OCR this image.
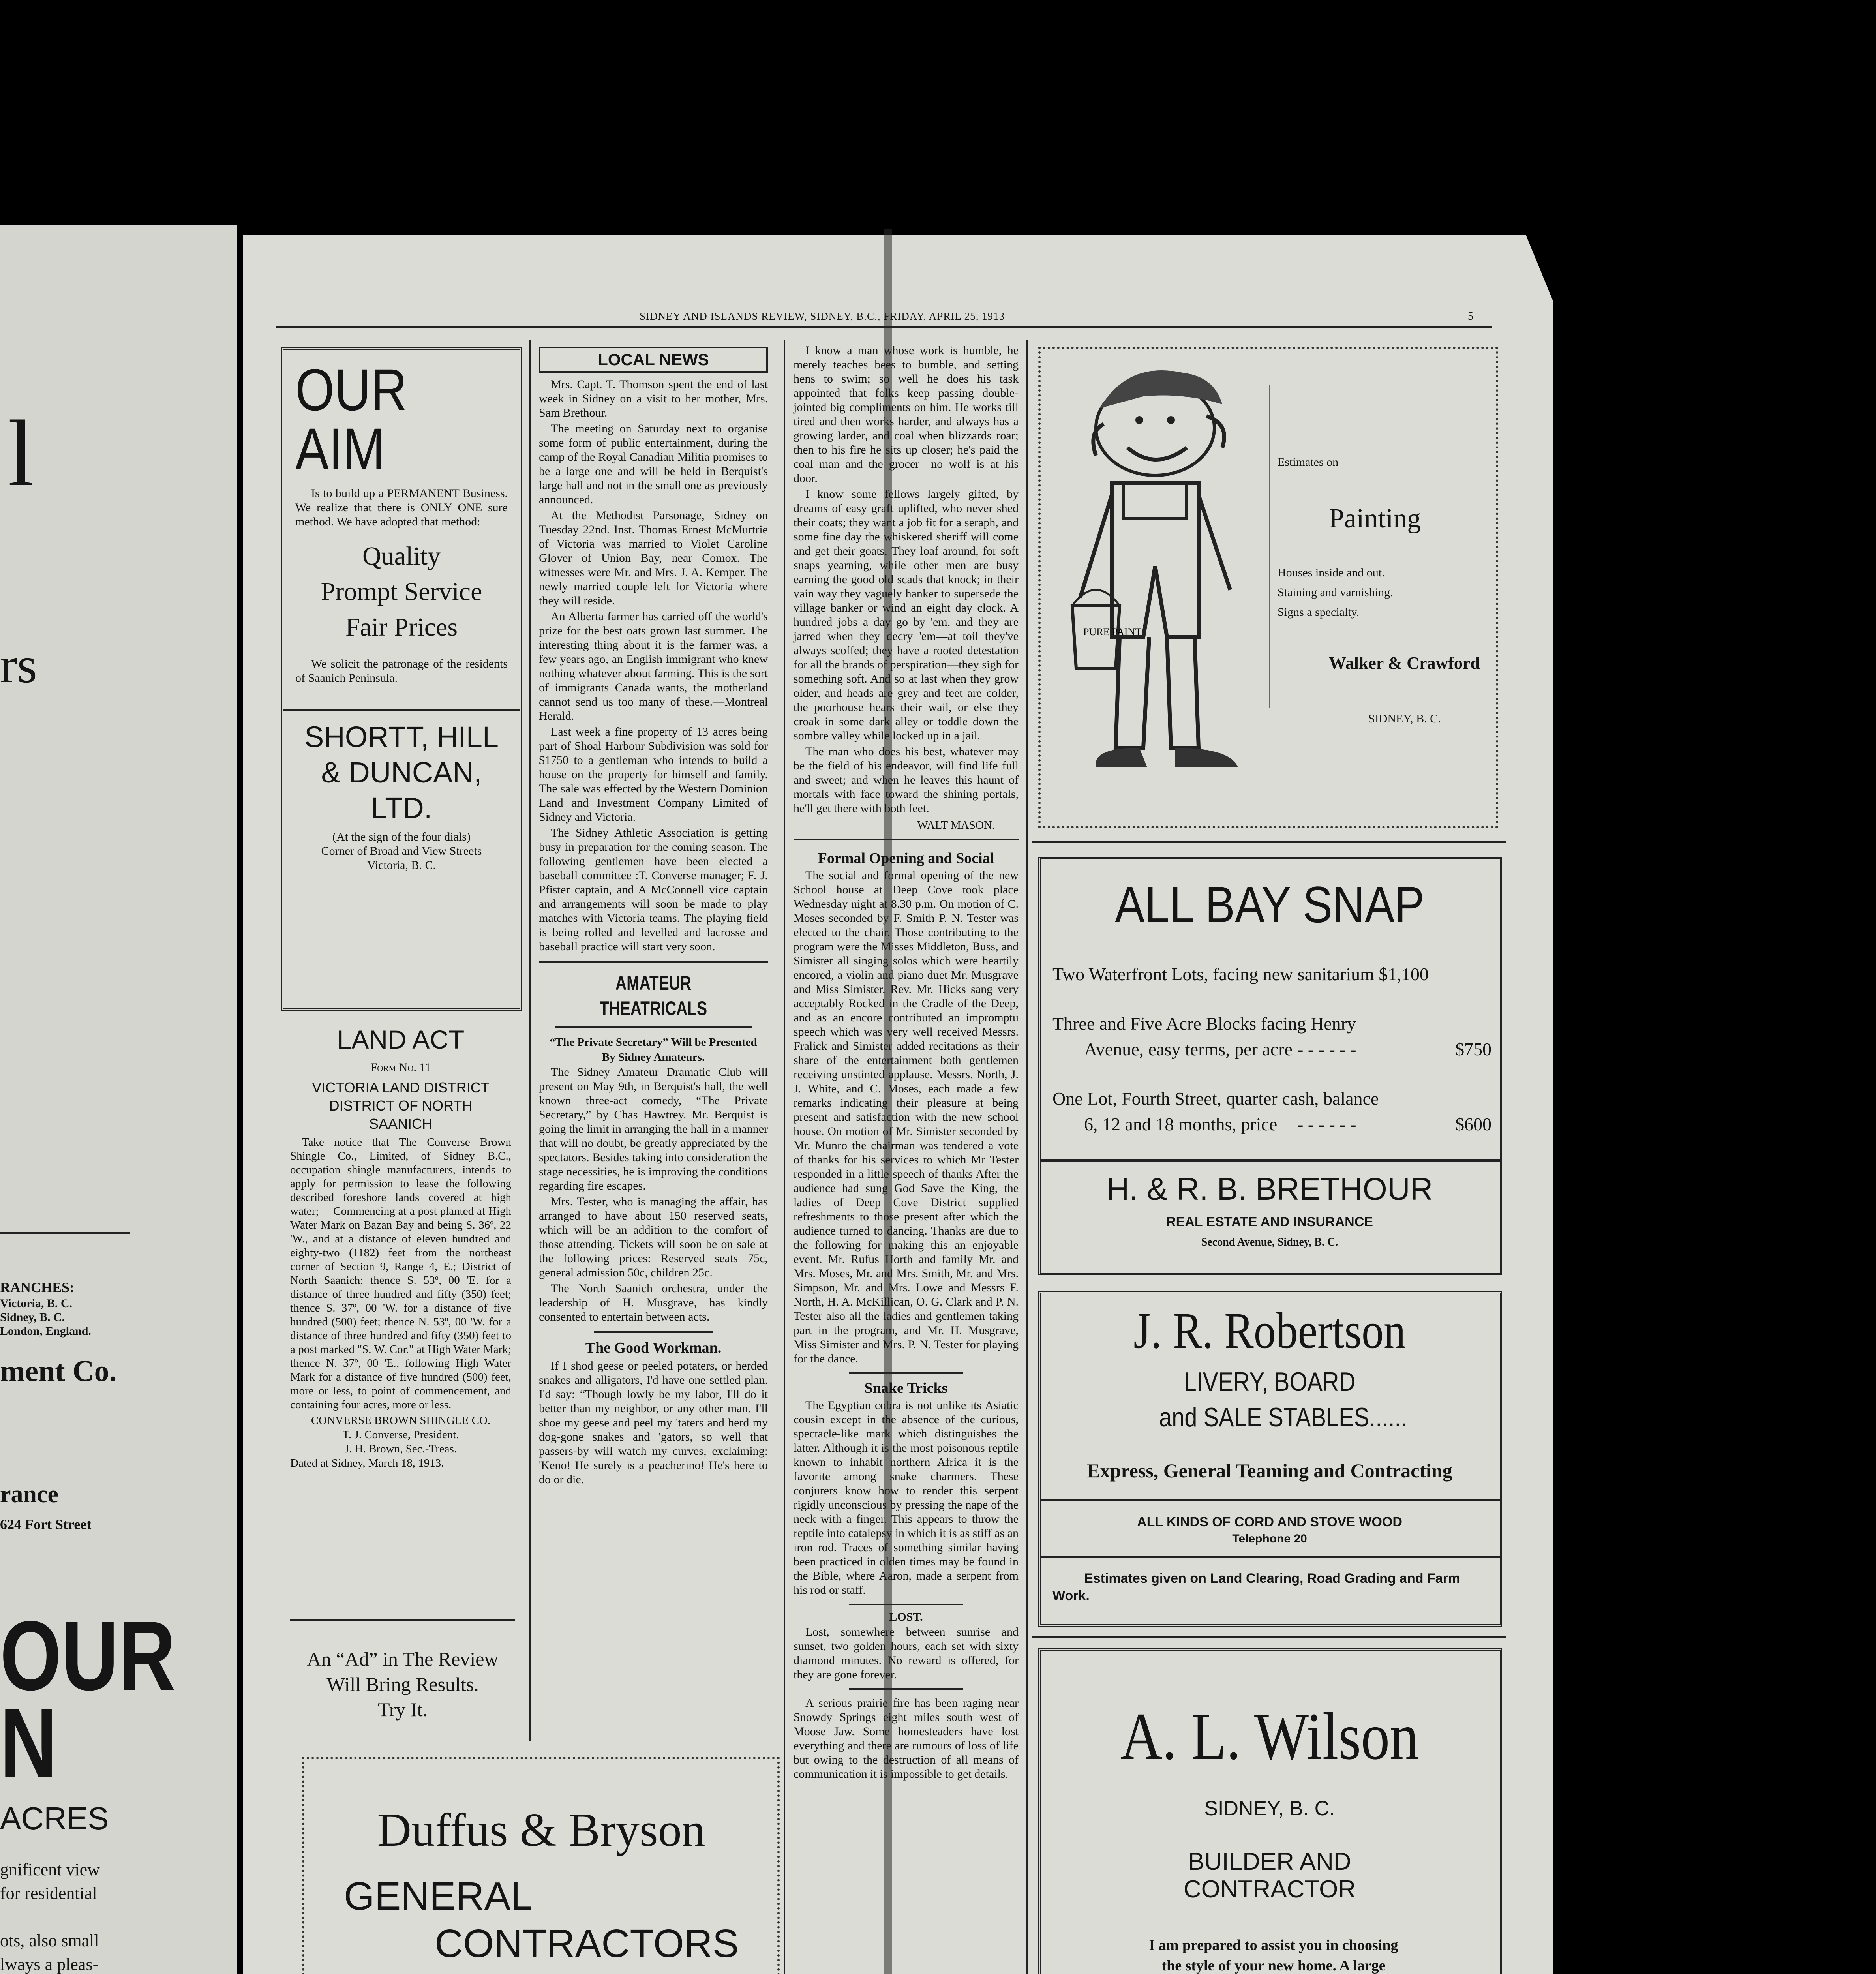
l
rs
RANCHES:
Victoria, B. C.
Sidney, B. C.
London, England.
ment Co.
rance
624 Fort Street
OUR
N
ACRES
gnificent view
for residential
ots, also small
lways a pleas-
SIDNEY AND ISLANDS REVIEW, SIDNEY, B.C., FRIDAY, APRIL 25, 1913	5
OUR
AIM
Is to build up a PERMANENT Business. We realize that there is ONLY ONE sure method. We have adopted that method:
Quality
Prompt Service
Fair Prices
We solicit the patronage of the residents of Saanich Peninsula.
SHORTT, HILL
& DUNCAN,
LTD.
(At the sign of the four dials)
Corner of Broad and View Streets
Victoria, B. C.
LAND ACT
Form No. 11
VICTORIA LAND DISTRICT
DISTRICT OF NORTH
SAANICH
Take notice that The Converse Brown Shingle Co., Limited, of Sidney B.C., occupation shingle manufacturers, intends to apply for permission to lease the following described foreshore lands covered at high water;— Commencing at a post planted at High Water Mark on Bazan Bay and being S. 36º, 22 'W., and at a distance of eleven hundred and eighty-two (1182) feet from the northeast corner of Section 9, Range 4, E.; District of North Saanich; thence S. 53º, 00 'E. for a distance of three hundred and fifty (350) feet; thence S. 37º, 00 'W. for a distance of five hundred (500) feet; thence N. 53º, 00 'W. for a distance of three hundred and fifty (350) feet to a post marked "S. W. Cor." at High Water Mark; thence N. 37º, 00 'E., following High Water Mark for a distance of five hundred (500) feet, more or less, to point of commencement, and containing four acres, more or less.
CONVERSE BROWN SHINGLE CO.
T. J. Converse, President.
J. H. Brown, Sec.-Treas.
Dated at Sidney, March 18, 1913.
An “Ad” in The Review
Will Bring Results.
Try It.
Duffus & Bryson
GENERAL
CONTRACTORS
LOCAL NEWS

Mrs. Capt. T. Thomson spent the end of last week in Sidney on a visit to her mother, Mrs. Sam Brethour.

The meeting on Saturday next to organise some form of public entertainment, during the camp of the Royal Canadian Militia promises to be a large one and will be held in Berquist's large hall and not in the small one as previously announced.

At the Methodist Parsonage, Sidney on Tuesday 22nd. Inst. Thomas Ernest McMurtrie of Victoria was married to Violet Caroline Glover of Union Bay, near Comox. The witnesses were Mr. and Mrs. J. A. Kemper. The newly married couple left for Victoria where they will reside.

An Alberta farmer has carried off the world's prize for the best oats grown last summer. The interesting thing about it is the farmer was, a few years ago, an English immigrant who knew nothing whatever about farming. This is the sort of immigrants Canada wants, the motherland cannot send us too many of these.—Montreal Herald.

Last week a fine property of 13 acres being part of Shoal Harbour Subdivision was sold for $1750 to a gentleman who intends to build a house on the property for himself and family. The sale was effected by the Western Dominion Land and Investment Company Limited of Sidney and Victoria.

The Sidney Athletic Association is getting busy in preparation for the coming season. The following gentlemen have been elected a baseball committee :T. Converse manager; F. J. Pfister captain, and A McConnell vice captain and arrangements will soon be made to play matches with Victoria teams. The playing field is being rolled and levelled and lacrosse and baseball practice will start very soon.

AMATEUR THEATRICALS
“The Private Secretary” Will be Presented
By Sidney Amateurs.

The Sidney Amateur Dramatic Club will present on May 9th, in Berquist's hall, the well known three-act comedy, “The Private Secretary,” by Chas Hawtrey. Mr. Berquist is going the limit in arranging the hall in a manner that will no doubt, be greatly appreciated by the spectators. Besides taking into consideration the stage necessities, he is improving the conditions regarding fire escapes.

Mrs. Tester, who is managing the affair, has arranged to have about 150 reserved seats, which will be an addition to the comfort of those attending. Tickets will soon be on sale at the following prices: Reserved seats 75c, general admission 50c, children 25c.

The North Saanich orchestra, under the leadership of H. Musgrave, has kindly consented to entertain between acts.

The Good Workman.

If I shod geese or peeled potaters, or herded snakes and alligators, I'd have one settled plan. I'd say: “Though lowly be my labor, I'll do it better than my neighbor, or any other man. I'll shoe my geese and peel my 'taters and herd my dog-gone snakes and 'gators, so well that passers-by will watch my curves, exclaiming: 'Keno! He surely is a peacherino! He's here to do or die.

I know a man whose work is humble, he merely teaches bees to bumble, and setting hens to swim; so well he does his task appointed that folks keep passing double-jointed big compliments on him. He works till tired and then works harder, and always has a growing larder, and coal when blizzards roar; then to his fire he sits up closer; he's paid the coal man and the grocer—no wolf is at his door.

I know some fellows largely gifted, by dreams of easy graft uplifted, who never shed their coats; they want a job fit for a seraph, and some fine day the whiskered sheriff will come and get their goats. They loaf around, for soft snaps yearning, while other men are busy earning the good old scads that knock; in their vain way they vaguely hanker to supersede the village banker or wind an eight day clock. A hundred jobs a day go by 'em, and they are jarred when they decry 'em—at toil they've always scoffed; they have a rooted detestation for all the brands of perspiration—they sigh for something soft. And so at last when they grow older, and heads are grey and feet are colder, the poorhouse hears their wail, or else they croak in some dark alley or toddle down the sombre valley while locked up in a jail.

The man who does his best, whatever may be the field of his endeavor, will find life full and sweet; and when he leaves this haunt of mortals with face toward the shining portals, he'll get there with both feet.

WALT MASON.
Formal Opening and Social

The social and formal opening of the new School house at Deep Cove took place Wednesday night at 8.30 p.m. On motion of C. Moses seconded by F. Smith P. N. Tester was elected to the chair. Those contributing to the program were the Misses Middleton, Buss, and Simister all singing solos which were heartily encored, a violin and piano duet Mr. Musgrave and Miss Simister. Rev. Mr. Hicks sang very acceptably Rocked in the Cradle of the Deep, and as an encore contributed an impromptu speech which was very well received Messrs. Fralick and Simister added recitations as their share of the entertainment both gentlemen receiving unstinted applause. Messrs. North, J. J. White, and C. Moses, each made a few remarks indicating their pleasure at being present and satisfaction with the new school house. On motion of Mr. Simister seconded by Mr. Munro the chairman was tendered a vote of thanks for his services to which Mr Tester responded in a little speech of thanks After the audience had sung God Save the King, the ladies of Deep Cove District supplied refreshments to those present after which the audience turned to dancing. Thanks are due to the following for making this an enjoyable event. Mr. Rufus Horth and family Mr. and Mrs. Moses, Mr. and Mrs. Smith, Mr. and Mrs. Simpson, Mr. and Mrs. Lowe and Messrs F. North, H. A. McKillican, O. G. Clark and P. N. Tester also all the ladies and gentlemen taking part in the program, and Mr. H. Musgrave, Miss Simister and Mrs. P. N. Tester for playing for the dance.

Snake Tricks

The Egyptian cobra is not unlike its Asiatic cousin except in the absence of the curious, spectacle-like mark which distinguishes the latter. Although it is the most poisonous reptile known to inhabit northern Africa it is the favorite among snake charmers. These conjurers know how to render this serpent rigidly unconscious by pressing the nape of the neck with a finger. This appears to throw the reptile into catalepsy in which it is as stiff as an iron rod. Traces of something similar having been practiced in olden times may be found in the Bible, where Aaron, made a serpent from his rod or staff.

LOST.

Lost, somewhere between sunrise and sunset, two golden hours, each set with sixty diamond minutes. No reward is offered, for they are gone forever.

A serious prairie fire has been raging near Snowdy Springs eight miles south west of Moose Jaw. Some homesteaders have lost everything and there are rumours of loss of life but owing to the destruction of all means of communication it is impossible to get details.

PURE PAINT
Estimates on
Painting
Houses inside and out.
Staining and varnishing.
Signs a specialty.
Walker & Crawford
SIDNEY, B. C.
ALL BAY SNAP
Two Waterfront Lots, facing new sanitarium $1,100
Three and Five Acre Blocks facing Henry
Avenue, easy terms, per acre - - - - - -	$750
One Lot, Fourth Street, quarter cash, balance
6, 12 and 18 months, price - - - - - -	$600
H. & R. B. BRETHOUR
REAL ESTATE AND INSURANCE
Second Avenue, Sidney, B. C.
J. R. Robertson
LIVERY, BOARD
and SALE STABLES......
Express, General Teaming and Contracting
ALL KINDS OF CORD AND STOVE WOOD
Telephone 20
Estimates given on Land Clearing, Road Grading and Farm Work.
A. L. Wilson
SIDNEY, B. C.
BUILDER AND
CONTRACTOR
I am prepared to assist you in choosing the style of your new home. A large
